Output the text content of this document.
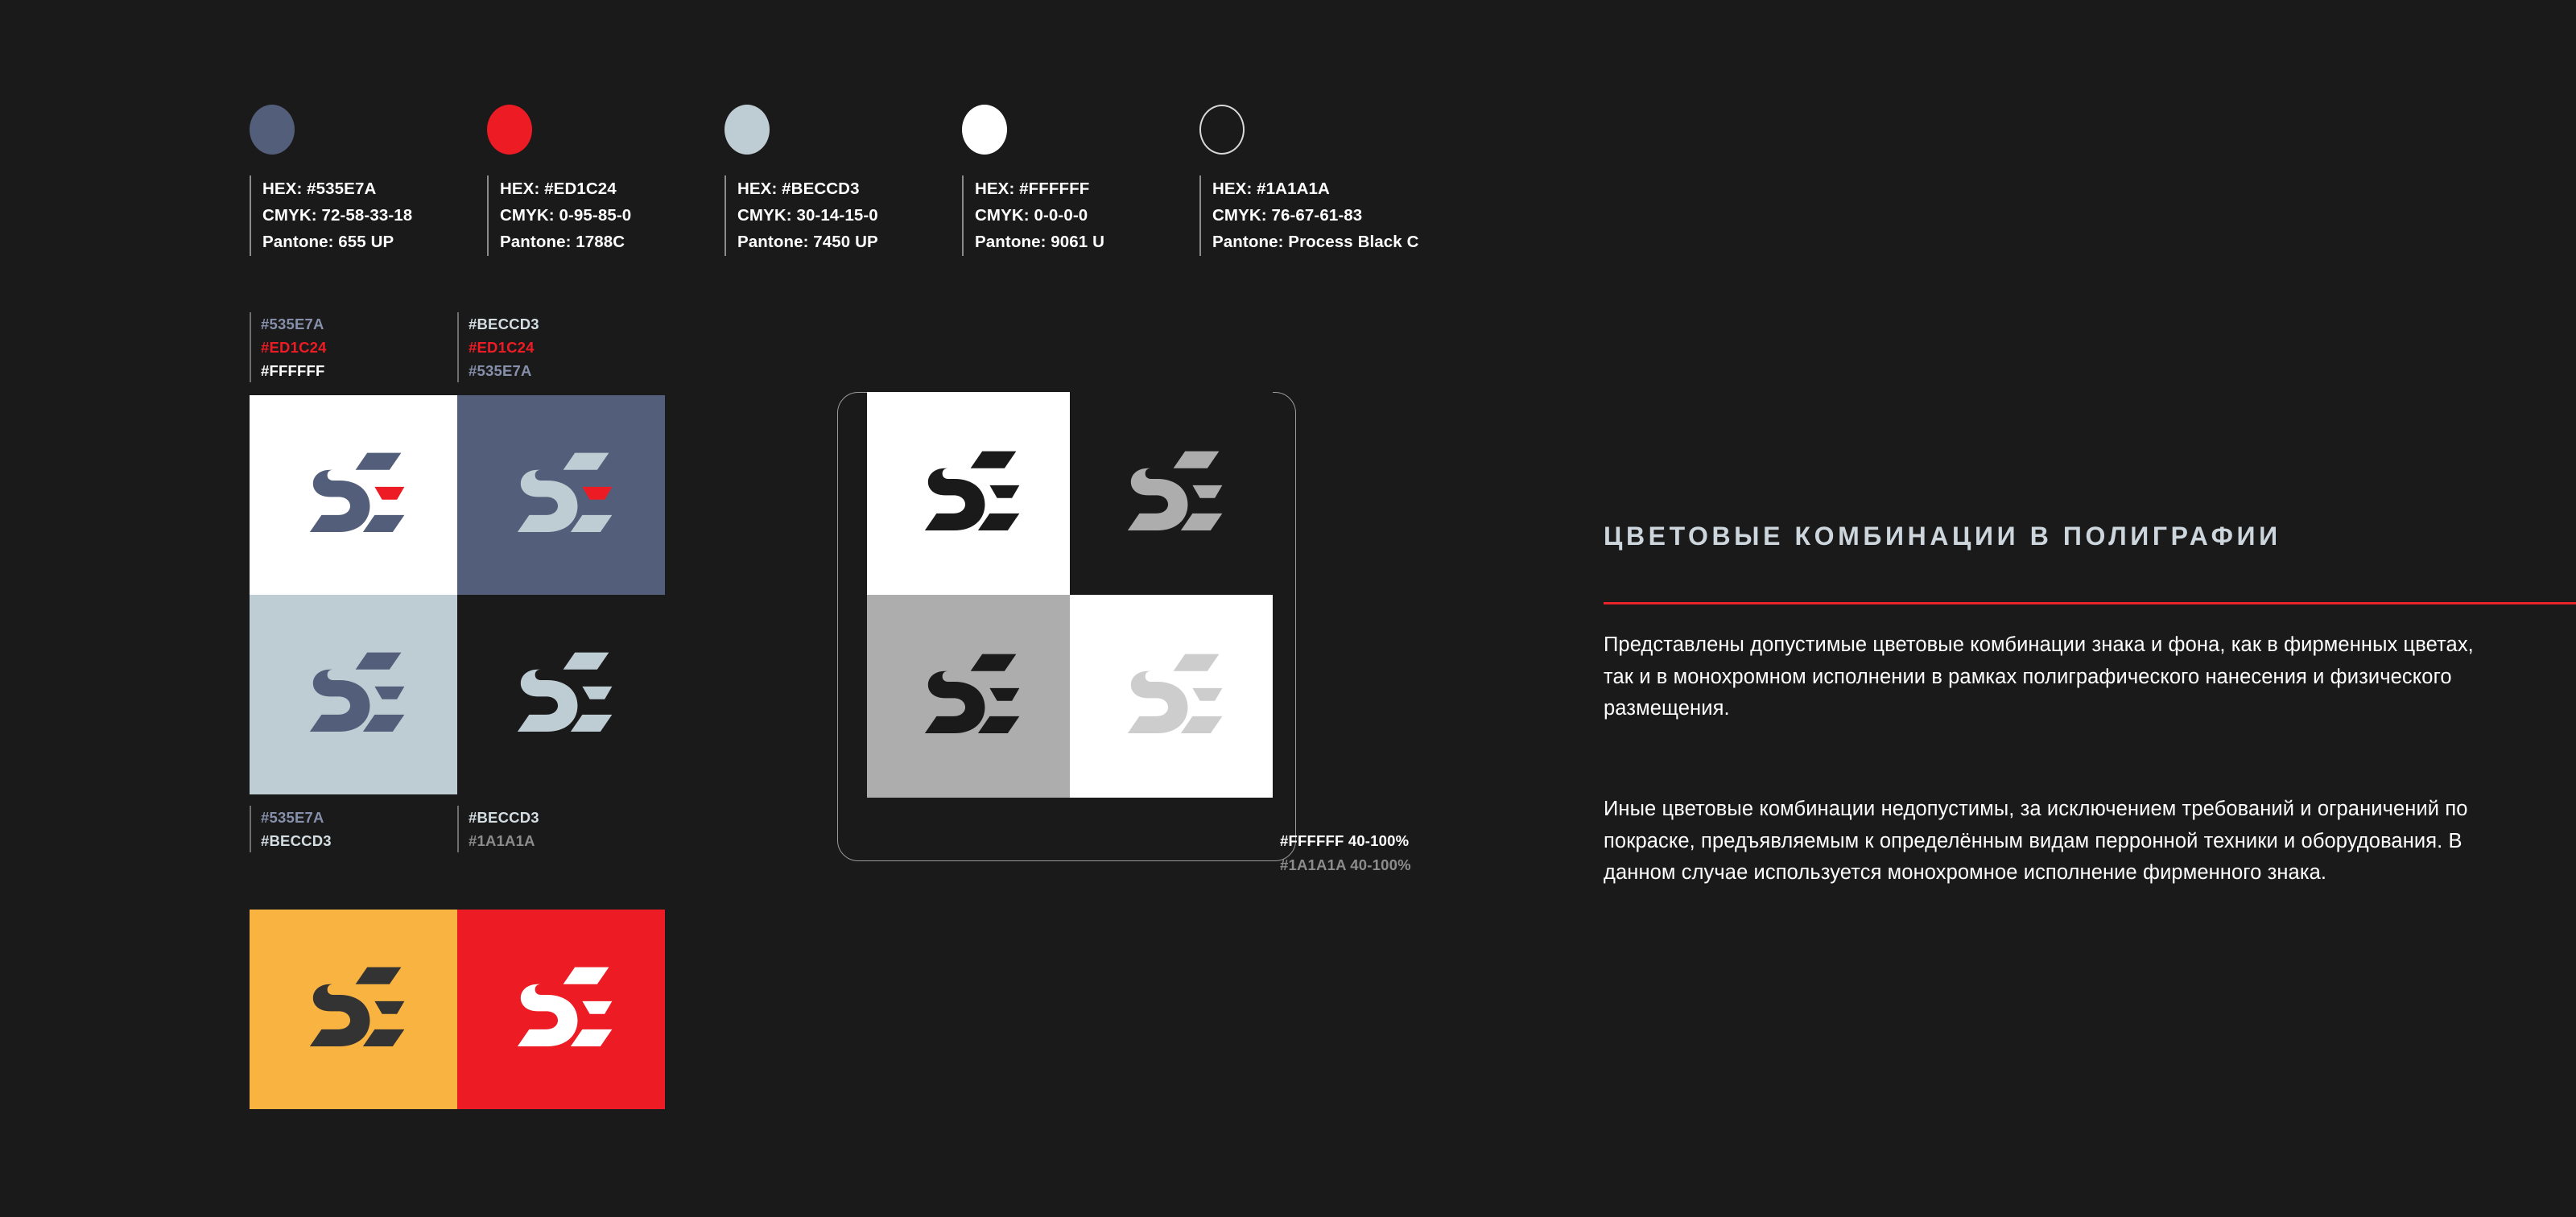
HEX: #535E7A
CMYK: 72-58-33-18
Pantone: 655 UP
HEX: #ED1C24
CMYK: 0-95-85-0
Pantone: 1788C
HEX: #BECCD3
CMYK: 30-14-15-0
Pantone: 7450 UP
HEX: #FFFFFF
CMYK: 0-0-0-0
Pantone: 9061 U
HEX: #1A1A1A
CMYK: 76-67-61-83
Pantone: Process Black C
#535E7A
#ED1C24
#FFFFFF
#BECCD3
#ED1C24
#535E7A
#535E7A
#BECCD3
#BECCD3
#1A1A1A	#FFFFFF 40-100%
#1A1A1A 40-100%
ЦВЕТОВЫЕ КОМБИНАЦИИ В ПОЛИГРАФИИ
Представлены допустимые цветовые комбинации знака и фона, как в фирменных цветах, так и в монохромном исполнении в рамках полиграфического нанесения и физического размещения.
Иные цветовые комбинации недопустимы, за исключением требований и ограничений по покраске, предъявляемым к определённым видам перронной техники и оборудования. В данном случае используется монохромное исполнение фирменного знака.
